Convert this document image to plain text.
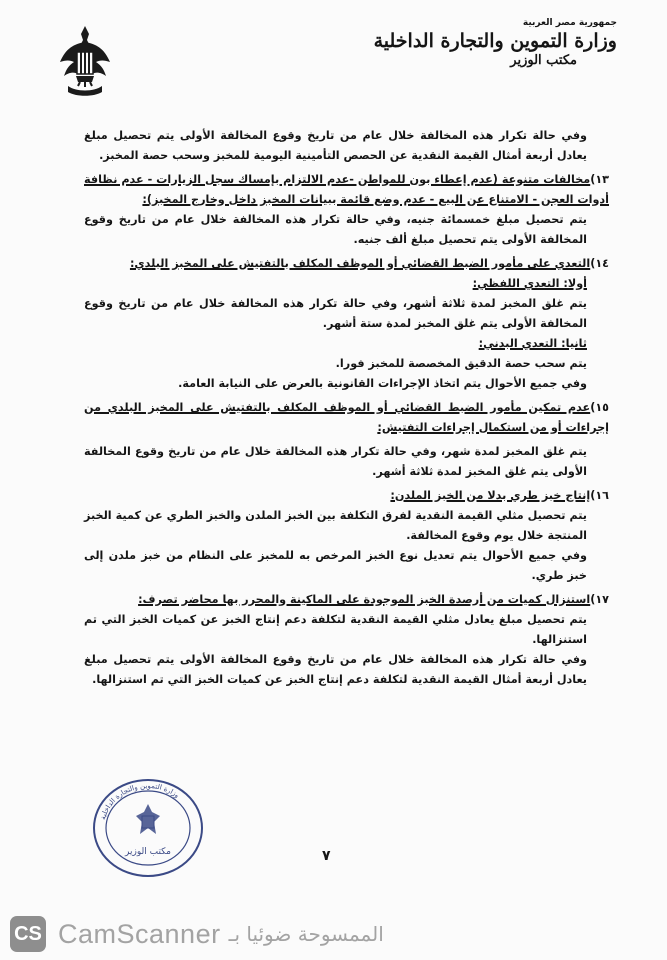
جمهورية مصر العربية
وزارة التموين والتجارة الداخلية
مكتب الوزير

وفي حالة تكرار هذه المخالفة خلال عام من تاريخ وقوع المخالفة الأولى يتم تحصيل مبلغ يعادل أربعة أمثال القيمة النقدية عن الحصص التأمينية اليومية للمخبز وسحب حصة المخبز.

١٣)مخالفات متنوعة (عدم إعطاء بون للمواطن -عدم الالتزام بإمساك سجل الزيارات - عدم نظافة أدوات العجن - الامتناع عن البيع - عدم وضع قائمة ببيانات المخبز داخل وخارج المخبز):

يتم تحصيل مبلغ خمسمائة جنيه، وفي حالة تكرار هذه المخالفة خلال عام من تاريخ وقوع المخالفة الأولى يتم تحصيل مبلغ ألف جنيه.

١٤)التعدي على مأمور الضبط القضائي أو الموظف المكلف بالتفتيش على المخبز البلدي:

أولا: التعدي اللفظي:

يتم غلق المخبز لمدة ثلاثة أشهر، وفي حالة تكرار هذه المخالفة خلال عام من تاريخ وقوع المخالفة الأولى يتم غلق المخبز لمدة ستة أشهر.

ثانيا: التعدي البدني:

يتم سحب حصة الدقيق المخصصة للمخبز فورا.

وفي جميع الأحوال يتم اتخاذ الإجراءات القانونية بالعرض على النيابة العامة.

١٥)عدم تمكين مأمور الضبط القضائي أو الموظف المكلف بالتفتيش على المخبز البلدي من إجراءات أو من استكمال إجراءات التفتيش:

يتم غلق المخبز لمدة شهر، وفي حالة تكرار هذه المخالفة خلال عام من تاريخ وقوع المخالفة الأولى يتم غلق المخبز لمدة ثلاثة أشهر.

١٦)إنتاج خبز طري بدلا من الخبز الملدن:

يتم تحصيل مثلي القيمة النقدية لفرق التكلفة بين الخبز الملدن والخبز الطري عن كمية الخبز المنتجة خلال يوم وقوع المخالفة.

وفي جميع الأحوال يتم تعديل نوع الخبز المرخص به للمخبز على النظام من خبز ملدن إلى خبز طري.

١٧)استنزال كميات من أرصدة الخبز الموجودة على الماكينة والمحرر بها محاضر تصرف:

يتم تحصيل مبلغ يعادل مثلي القيمة النقدية لتكلفة دعم إنتاج الخبز عن كميات الخبز التي تم استنزالها.

وفي حالة تكرار هذه المخالفة خلال عام من تاريخ وقوع المخالفة الأولى يتم تحصيل مبلغ يعادل أربعة أمثال القيمة النقدية لتكلفة دعم إنتاج الخبز عن كميات الخبز التي تم استنزالها.

مكتب الوزير
وزارة التموين والتجارة الداخلية
٧
CS CamScanner الممسوحة ضوئيا بـ
